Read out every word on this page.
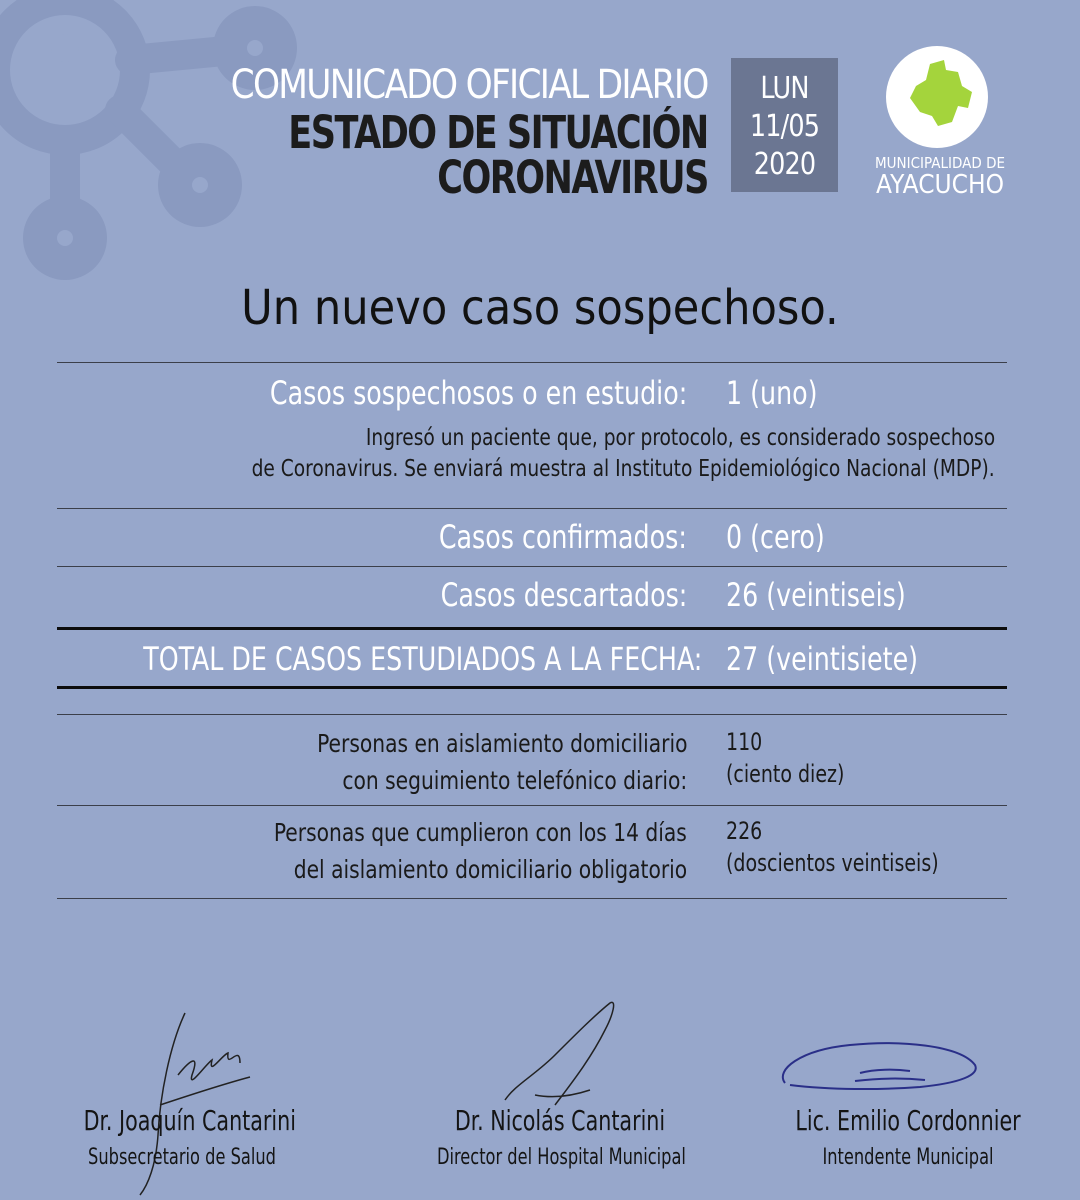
COMUNICADO OFICIAL DIARIO
ESTADO DE SITUACIÓN
CORONAVIRUS
LUN
11/05
2020	MUNICIPALIDAD DE
AYACUCHO
Un nuevo caso sospechoso.
Casos sospechosos o en estudio: 1 (uno)
Ingresó un paciente que, por protocolo, es considerado sospechoso
de Coronavirus. Se enviará muestra al Instituto Epidemiológico Nacional (MDP).
Casos confirmados: 0 (cero)
Casos descartados: 26 (veintiseis)
TOTAL DE CASOS ESTUDIADOS A LA FECHA: 27 (veintisiete)
Personas en aislamiento domiciliario
con seguimiento telefónico diario:
110
(ciento diez)
Personas que cumplieron con los 14 días
del aislamiento domiciliario obligatorio
226
(doscientos veintiseis)
Dr. Joaquín Cantarini
Subsecretario de Salud
Dr. Nicolás Cantarini
Director del Hospital Municipal
Lic. Emilio Cordonnier
Intendente Municipal
